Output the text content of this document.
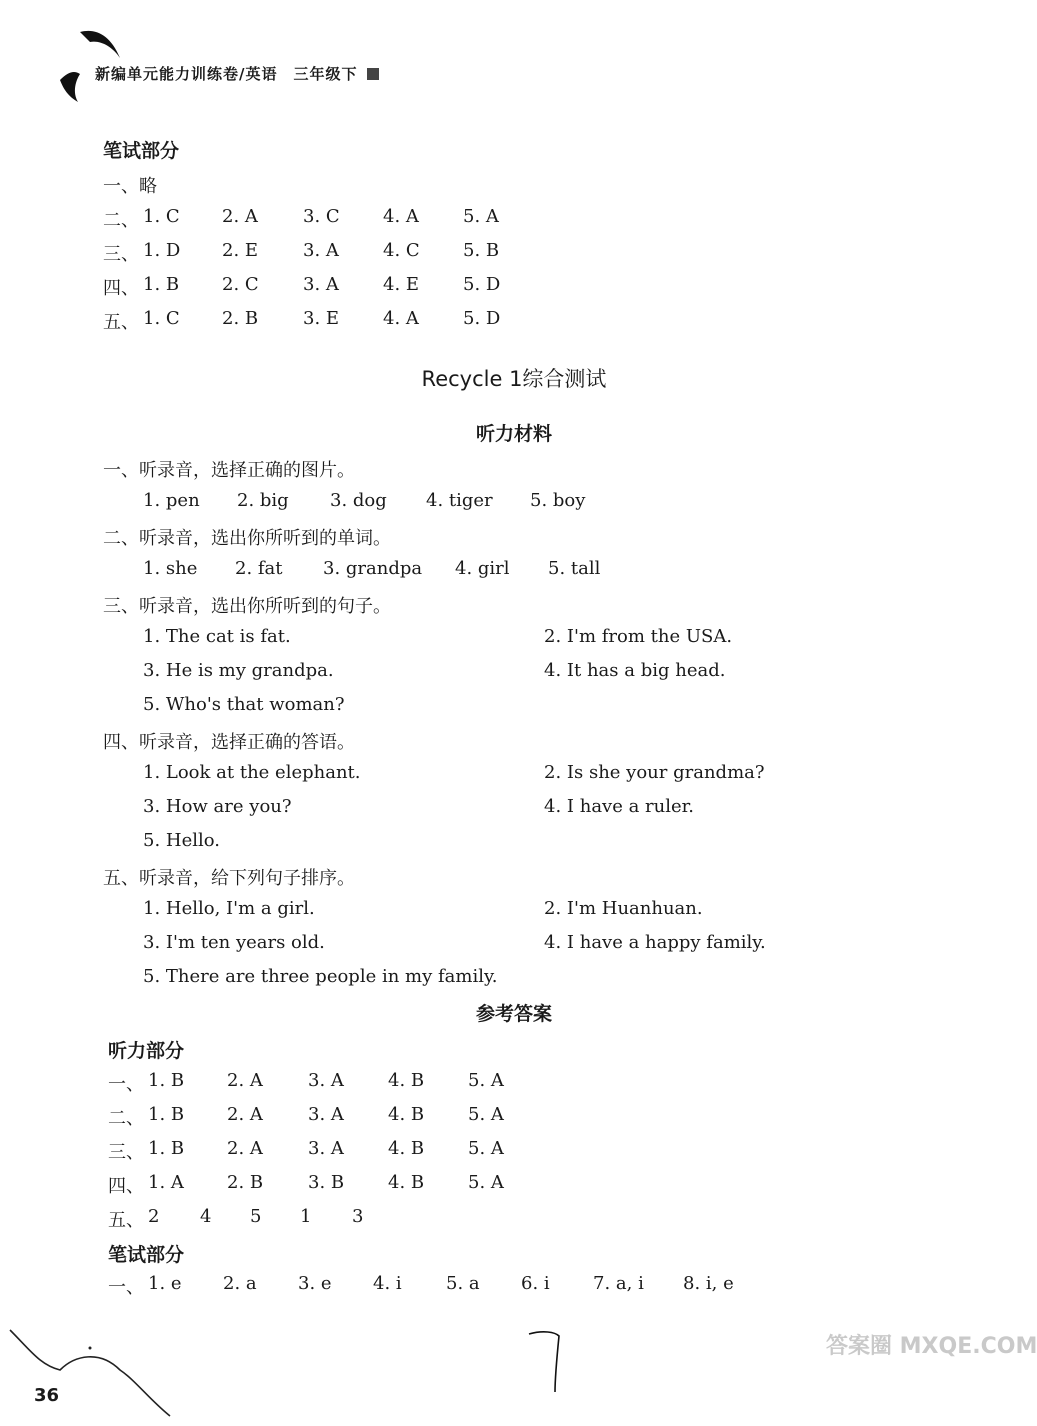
新编单元能力训练卷/英语　三年级下
笔试部分
一、略
二、 1. C 2. A	3. C 4. A 5. A
三、 1. D 2. E 3. A 4. C 5. B
四、 1. B 2. C 3. A 4. E 5. D
五、 1. C 2. B 3. E 4. A 5. D
Recycle 1综合测试
听力材料
一、听录音，选择正确的图片。
1. pen 2. big 3. dog 4. tiger 5. boy
二、听录音，选出你所听到的单词。
1. she 2. fat 3. grandpa 4. girl 5. tall
三、听录音，选出你所听到的句子。
1. The cat is fat.	2. I'm from the USA.
3. He is my grandpa.	4. It has a big head.
5. Who's that woman?
四、听录音，选择正确的答语。
1. Look at the elephant.	2. Is she your grandma?
3. How are you?	4. I have a ruler.
5. Hello.
五、听录音，给下列句子排序。
1. Hello, I'm a girl.	2. I'm Huanhuan.
3. I'm ten years old.	4. I have a happy family.
5. There are three people in my family.
参考答案
听力部分
一、 1. B 2. A	3. A 4. B 5. A
二、 1. B 2. A	3. A 4. B 5. A
三、 1. B 2. A	3. A 4. B 5. A
四、 1. A 2. B 3. B 4. B 5. A
五、 2 4 5 1 3
笔试部分
一、 1. e 2. a 3. e 4. i 5. a 6. i 7. a, i 8. i, e
36
答案圈 MXQE.COM
